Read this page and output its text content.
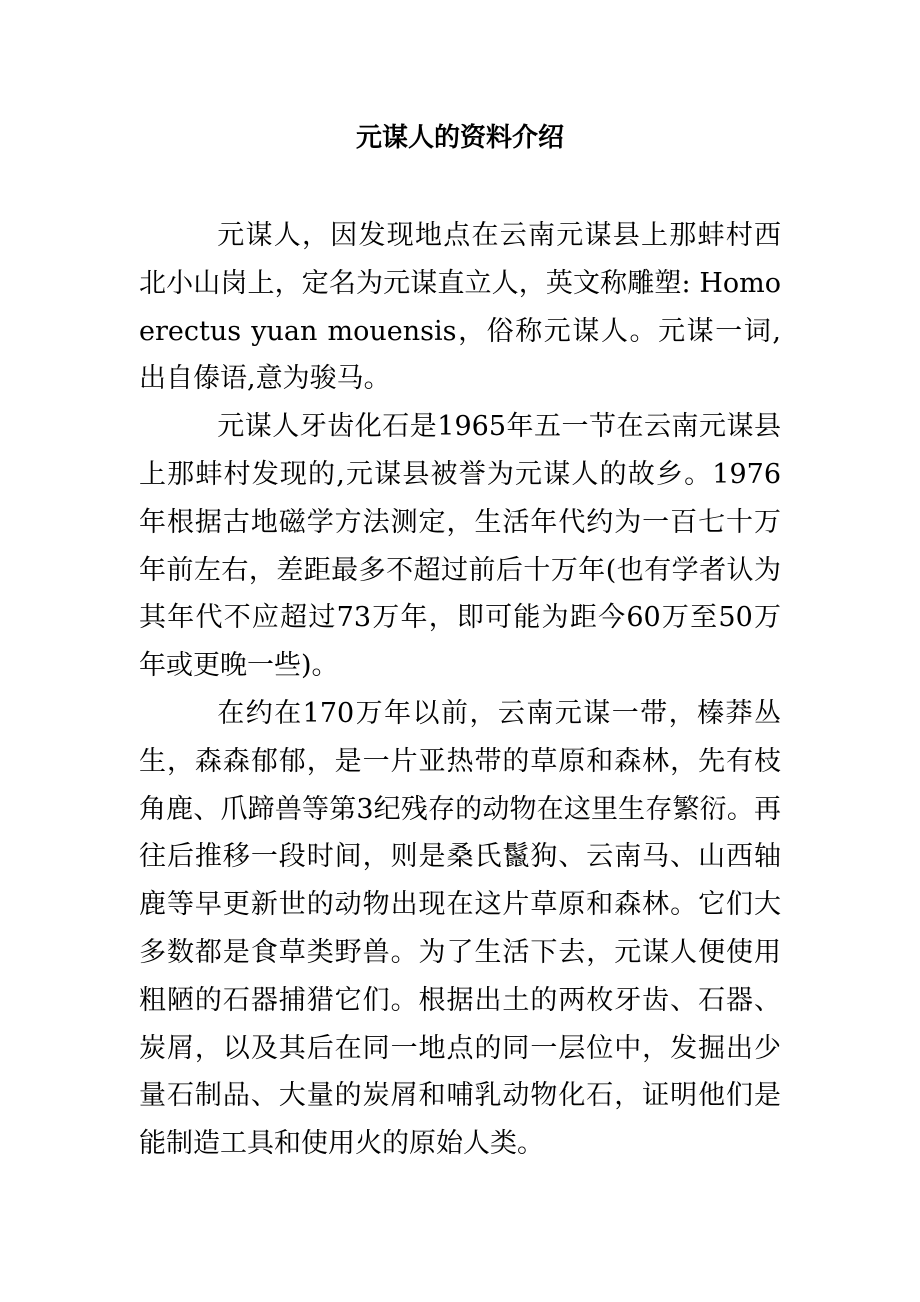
元谋人的资料介绍

元谋人，因发现地点在云南元谋县上那蚌村西北小山岗上，定名为元谋直立人，英文称雕塑: Homo erectus yuan mouensis，俗称元谋人。元谋一词,出自傣语,意为骏马。

元谋人牙齿化石是1965年五一节在云南元谋县上那蚌村发现的,元谋县被誉为元谋人的故乡。1976年根据古地磁学方法测定，生活年代约为一百七十万年前左右，差距最多不超过前后十万年(也有学者认为其年代不应超过73万年，即可能为距今60万至50万年或更晚一些)。

在约在170万年以前，云南元谋一带，榛莽丛生，森森郁郁，是一片亚热带的草原和森林，先有枝角鹿、爪蹄兽等第3纪残存的动物在这里生存繁衍。再往后推移一段时间，则是桑氏鬣狗、云南马、山西轴鹿等早更新世的动物出现在这片草原和森林。它们大多数都是食草类野兽。为了生活下去，元谋人便使用粗陋的石器捕猎它们。根据出土的两枚牙齿、石器、炭屑，以及其后在同一地点的同一层位中，发掘出少量石制品、大量的炭屑和哺乳动物化石，证明他们是能制造工具和使用火的原始人类。
